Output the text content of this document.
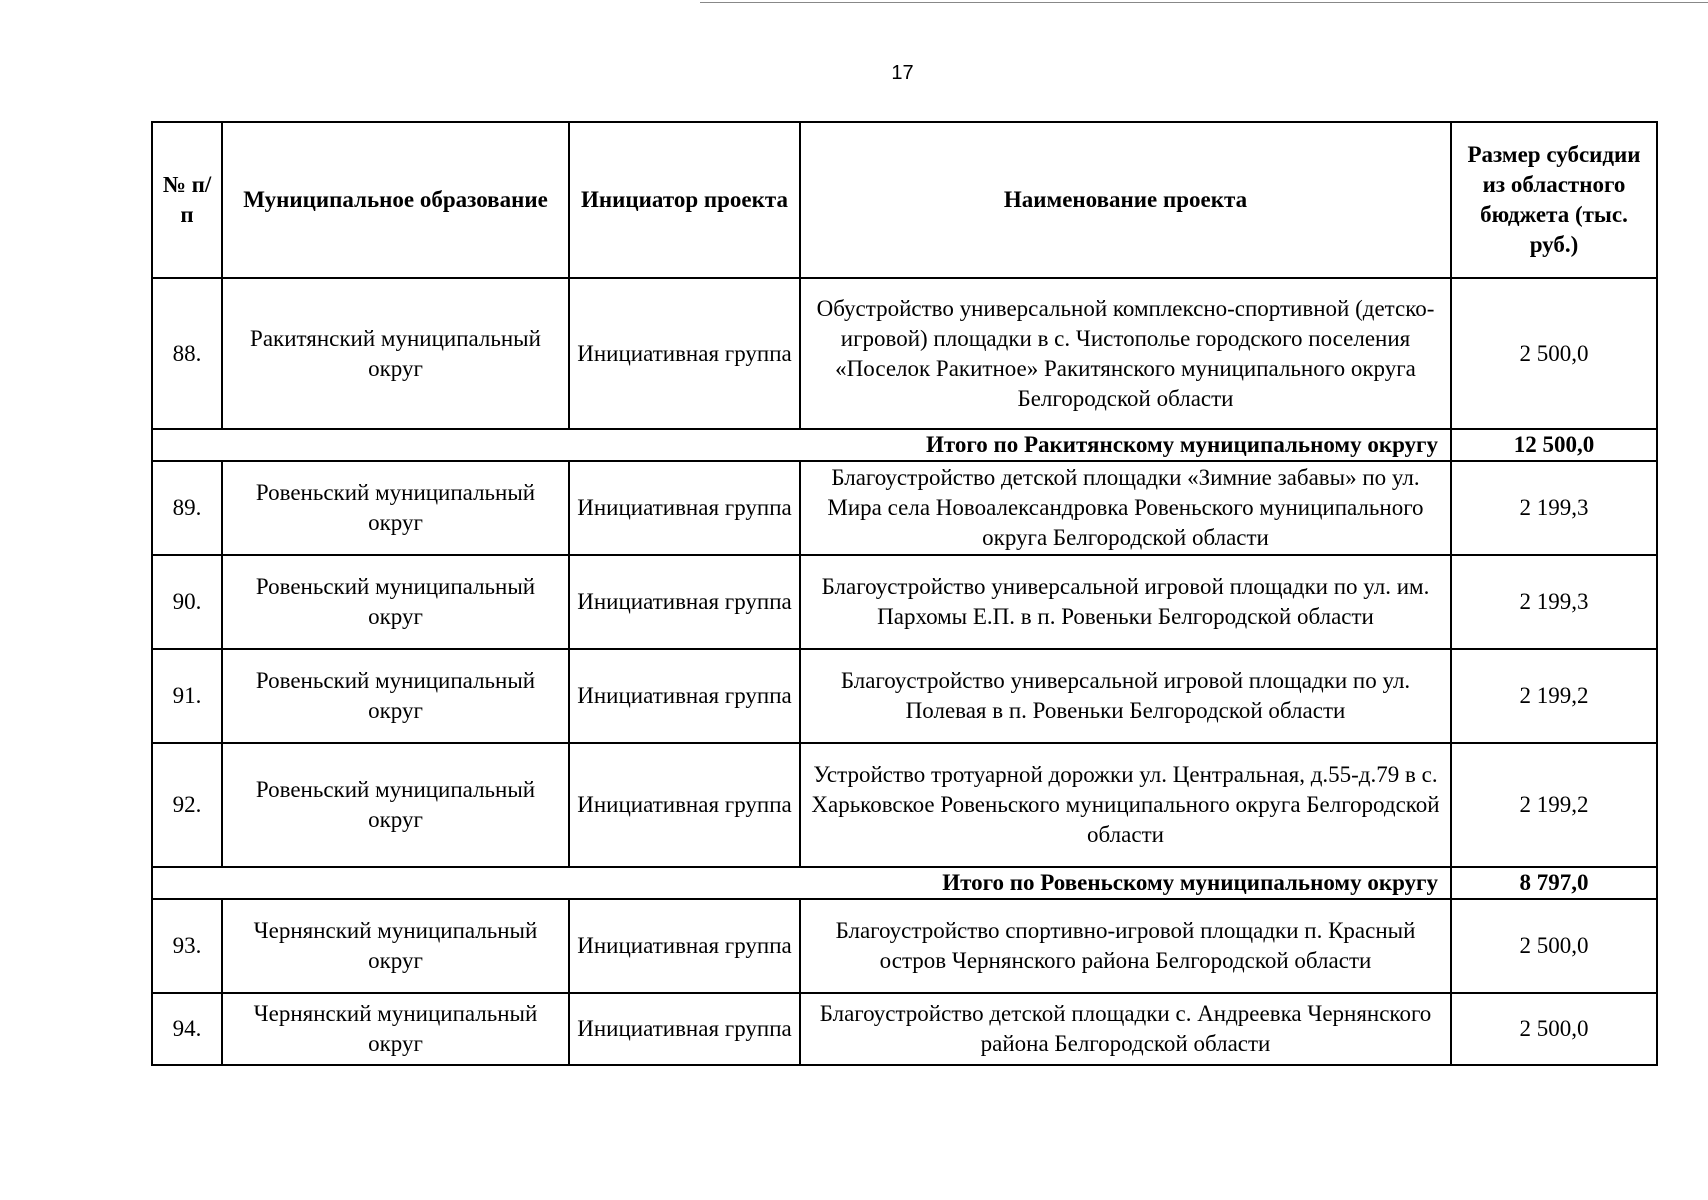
17
№ п/п	Муниципальное образование	Инициатор проекта	Наименование проекта	Размер субсидии из областного бюджета (тыс. руб.)
88.	Ракитянский муниципальный округ	Инициативная группа	Обустройство универсальной комплексно-спортивной (детско-игровой) площадки в с. Чистополье городского поселения «Поселок Ракитное» Ракитянского муниципального округа Белгородской области	2 500,0
Итого по Ракитянскому муниципальному округу				12 500,0
89.	Ровеньский муниципальный округ	Инициативная группа	Благоустройство детской площадки «Зимние забавы» по ул. Мира села Новоалександровка Ровеньского муниципального округа Белгородской области	2 199,3
90.	Ровеньский муниципальный округ	Инициативная группа	Благоустройство универсальной игровой площадки по ул. им. Пархомы Е.П. в п. Ровеньки Белгородской области	2 199,3
91.	Ровеньский муниципальный округ	Инициативная группа	Благоустройство универсальной игровой площадки по ул. Полевая в п. Ровеньки Белгородской области	2 199,2
92.	Ровеньский муниципальный округ	Инициативная группа	Устройство тротуарной дорожки ул. Центральная, д.55-д.79 в с. Харьковское Ровеньского муниципального округа Белгородской области	2 199,2
Итого по Ровеньскому муниципальному округу				8 797,0
93.	Чернянский муниципальный округ	Инициативная группа	Благоустройство спортивно-игровой площадки п. Красный остров Чернянского района Белгородской области	2 500,0
94.	Чернянский муниципальный округ	Инициативная группа	Благоустройство детской площадки с. Андреевка Чернянского района Белгородской области	2 500,0
